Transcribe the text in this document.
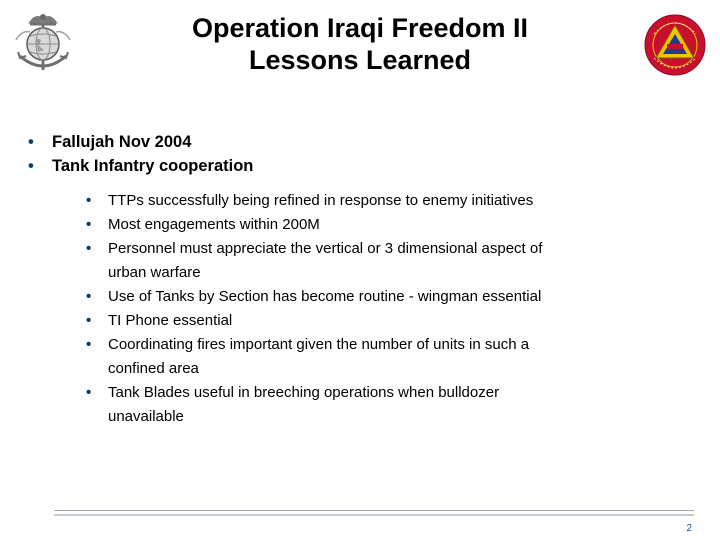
Operation Iraqi Freedom II
Lessons Learned
• Fallujah Nov 2004
• Tank Infantry cooperation
• TTPs successfully being refined in response to enemy initiatives
• Most engagements within 200M
• Personnel must appreciate the vertical or 3 dimensional aspect of
urban warfare
• Use of Tanks by Section has become routine - wingman essential
• TI Phone essential
• Coordinating fires important given the number of units in such a
confined area
• Tank Blades useful in breeching operations when bulldozer
unavailable
2
